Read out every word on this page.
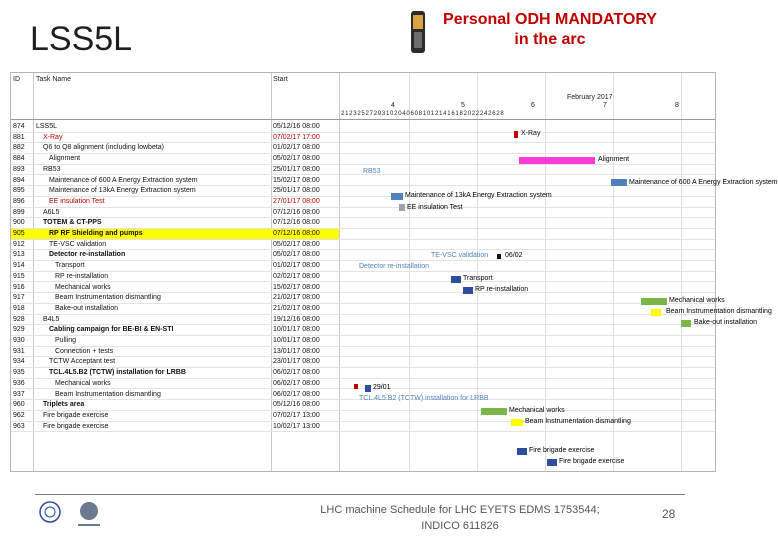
LSS5L
Personal ODH MANDATORY
in the arc
ID Task Name	Start
February 2017
4	5	6	7	8
2123252729310204060810121416182022242628
874 LSS5L	05/12/16 08:00
881	X-Ray	07/02/17 17:00
882	Q6 to Q8 alignment (including lowbeta)	01/02/17 08:00
884	Alignment	05/02/17 08:00
893	RB53	25/01/17 08:00
894	Maintenance of 600 A Energy Extraction system	15/02/17 08:00
895	Maintenance of 13kA Energy Extraction system	25/01/17 08:00
896	EE insulation Test	27/01/17 08:00
899	A6L5	07/12/16 08:00
900	TOTEM & CT-PPS	07/12/16 08:00
905	RP RF Shielding and pumps	07/12/16 08:00
912	TE-VSC validation	05/02/17 08:00
913	Detector re-installation	05/02/17 08:00
914	Transport	01/02/17 08:00
915	RP re-installation	02/02/17 08:00
916	Mechanical works	15/02/17 08:00
917	Beam Instrumentation dismantling	21/02/17 08:00
918	Bake-out installation	21/02/17 08:00
928	B4L5	19/12/16 08:00
929	Cabling campaign for BE-BI & EN-STI	10/01/17 08:00
930	Pulling	10/01/17 08:00
931	Connection + tests	13/01/17 08:00
934	TCTW Acceptant test	23/01/17 08:00
935	TCL.4L5.B2 (TCTW) installation for LRBB	06/02/17 08:00
936	Mechanical works	06/02/17 08:00
937	Beam Instrumentation dismantling	06/02/17 08:00
960	Triplets area	05/12/16 08:00
962	Fire brigade exercise	07/02/17 13:00
963	Fire brigade exercise	10/02/17 13:00
X-Ray
Alignment
RB53
Maintenance of 600 A Energy Extraction system
Maintenance of 13kA Energy Extraction system
EE insulation Test
TE-VSC validation 06/02
Detector re-installation
Transport
RP re-installation
Mechanical works
Beam Instrumentation dismantling
Bake-out installation
29/01
TCL.4L5.B2 (TCTW) installation for LRBB
Mechanical works
Beam Instrumentation dismantling
Fire brigade exercise
Fire brigade exercise
LHC machine Schedule for LHC EYETS EDMS 1753544;
INDICO 611826
28
